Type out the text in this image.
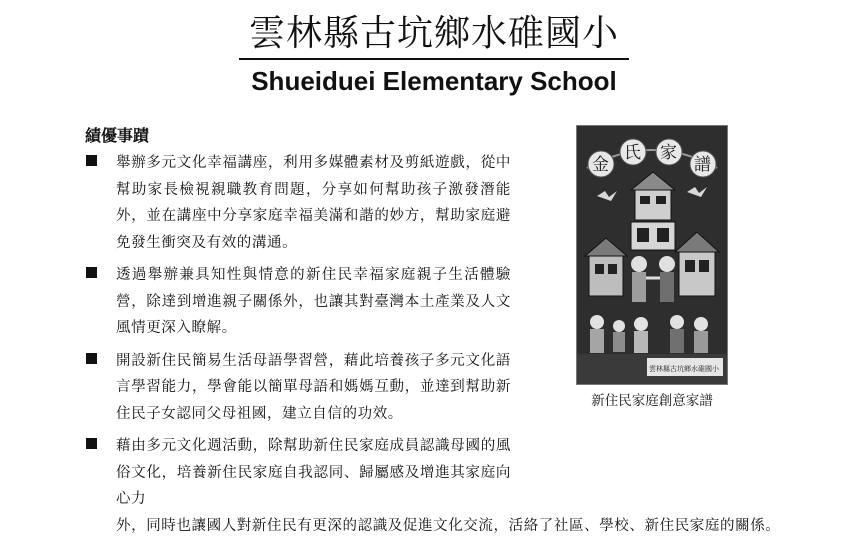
雲林縣古坑鄉水碓國小
Shueiduei Elementary School
績優事蹟
舉辦多元文化幸福講座，利用多媒體素材及剪紙遊戲，從中幫助家長檢視親職教育問題，分享如何幫助孩子激發潛能外，並在講座中分享家庭幸福美滿和諧的妙方，幫助家庭避免發生衝突及有效的溝通。
透過舉辦兼具知性與情意的新住民幸福家庭親子生活體驗營，除達到增進親子關係外，也讓其對臺灣本土產業及人文風情更深入瞭解。
開設新住民簡易生活母語學習營，藉此培養孩子多元文化語言學習能力，學會能以簡單母語和媽媽互動，並達到幫助新住民子女認同父母祖國，建立自信的功效。
藉由多元文化週活動，除幫助新住民家庭成員認識母國的風俗文化，培養新住民家庭自我認同、歸屬感及增進其家庭向心力
外，同時也讓國人對新住民有更深的認識及促進文化交流，活絡了社區、學校、新住民家庭的關係。
金
氏 家
譜
雲林縣古坑鄉水碓國小
新住民家庭創意家譜
